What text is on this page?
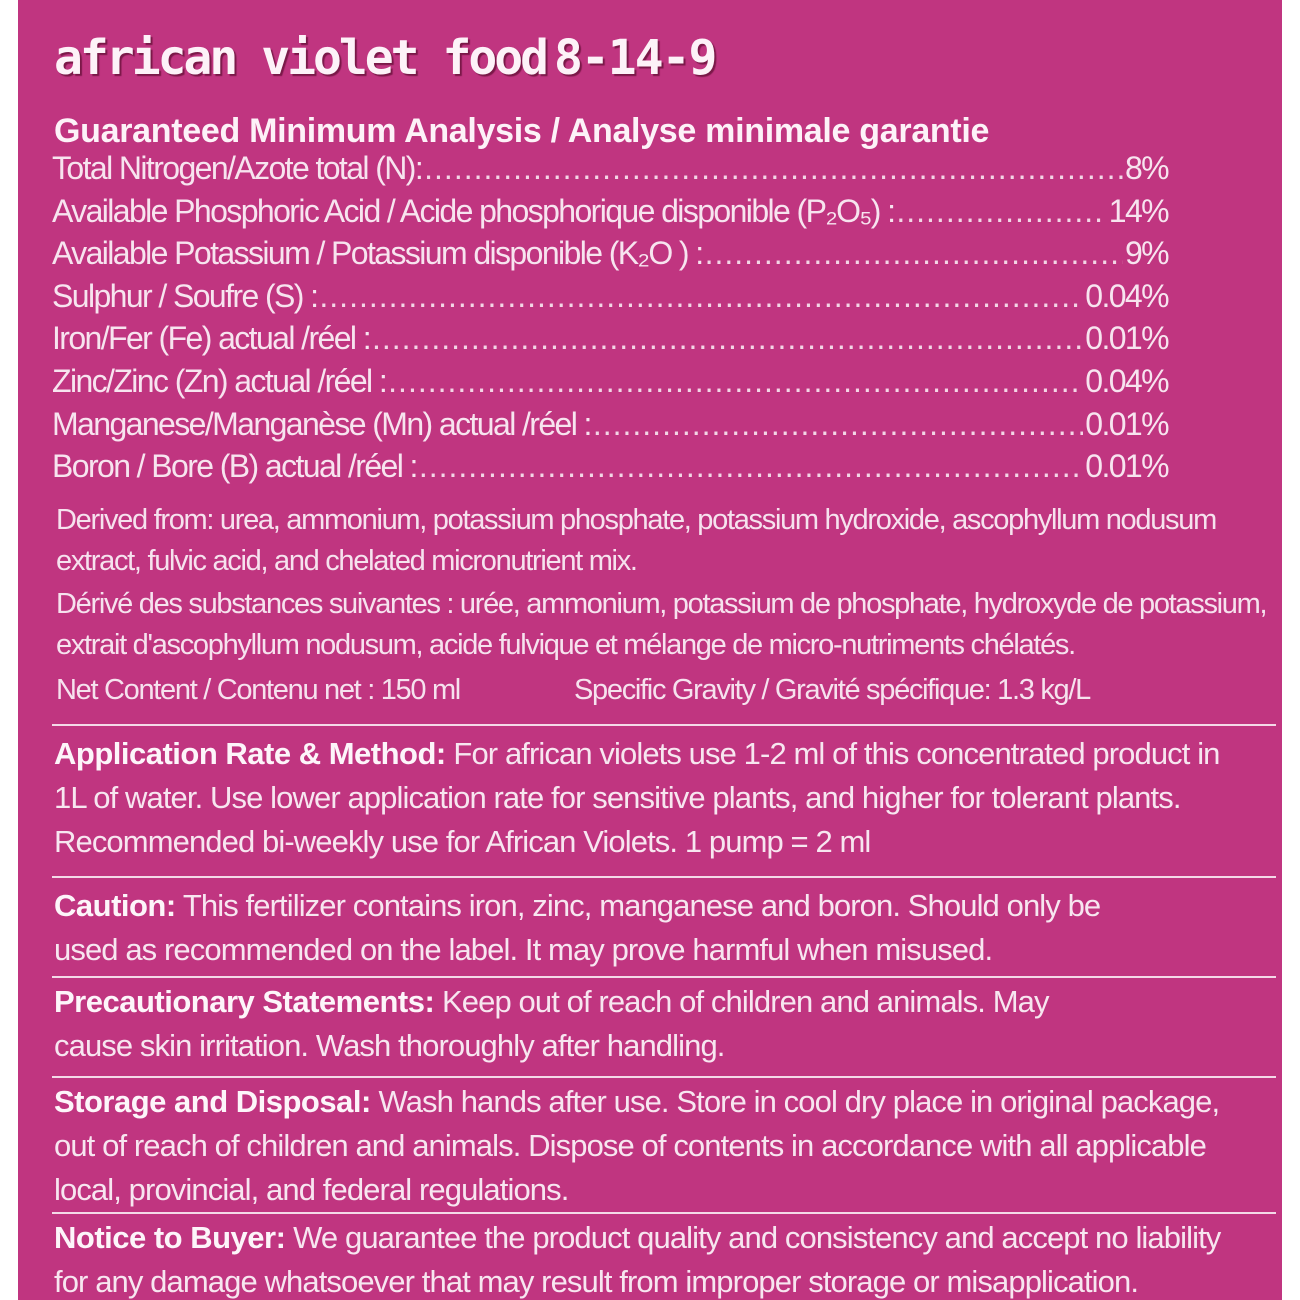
african violet food 8-14-9
Guaranteed Minimum Analysis / Analyse minimale garantie
Total Nitrogen/Azote total (N): .....	8%
Available Phosphoric Acid / Acide phosphorique disponible (P₂O₅) : .....	14%
Available Potassium / Potassium disponible (K₂O ) : .....	9%
Sulphur / Soufre (S) : .....	0.04%
Iron/Fer (Fe) actual /réel : .....	0.01%
Zinc/Zinc (Zn) actual /réel : .....	0.04%
Manganese/Manganèse (Mn) actual /réel : .....	0.01%
Boron / Bore (B) actual /réel : .....	0.01%
Derived from: urea, ammonium, potassium phosphate, potassium hydroxide, ascophyllum nodusum extract, fulvic acid, and chelated micronutrient mix.
Dérivé des substances suivantes : urée, ammonium, potassium de phosphate, hydroxyde de potassium, extrait d'ascophyllum nodusum, acide fulvique et mélange de micro-nutriments chélatés.
Net Content / Contenu net : 150 ml	Specific Gravity / Gravité spécifique: 1.3 kg/L
Application Rate & Method: For african violets use 1-2 ml of this concentrated product in 1L of water. Use lower application rate for sensitive plants, and higher for tolerant plants. Recommended bi-weekly use for African Violets. 1 pump = 2 ml
Caution: This fertilizer contains iron, zinc, manganese and boron. Should only be used as recommended on the label. It may prove harmful when misused.
Precautionary Statements: Keep out of reach of children and animals. May cause skin irritation. Wash thoroughly after handling.
Storage and Disposal: Wash hands after use. Store in cool dry place in original package, out of reach of children and animals. Dispose of contents in accordance with all applicable local, provincial, and federal regulations.
Notice to Buyer: We guarantee the product quality and consistency and accept no liability for any damage whatsoever that may result from improper storage or misapplication.
